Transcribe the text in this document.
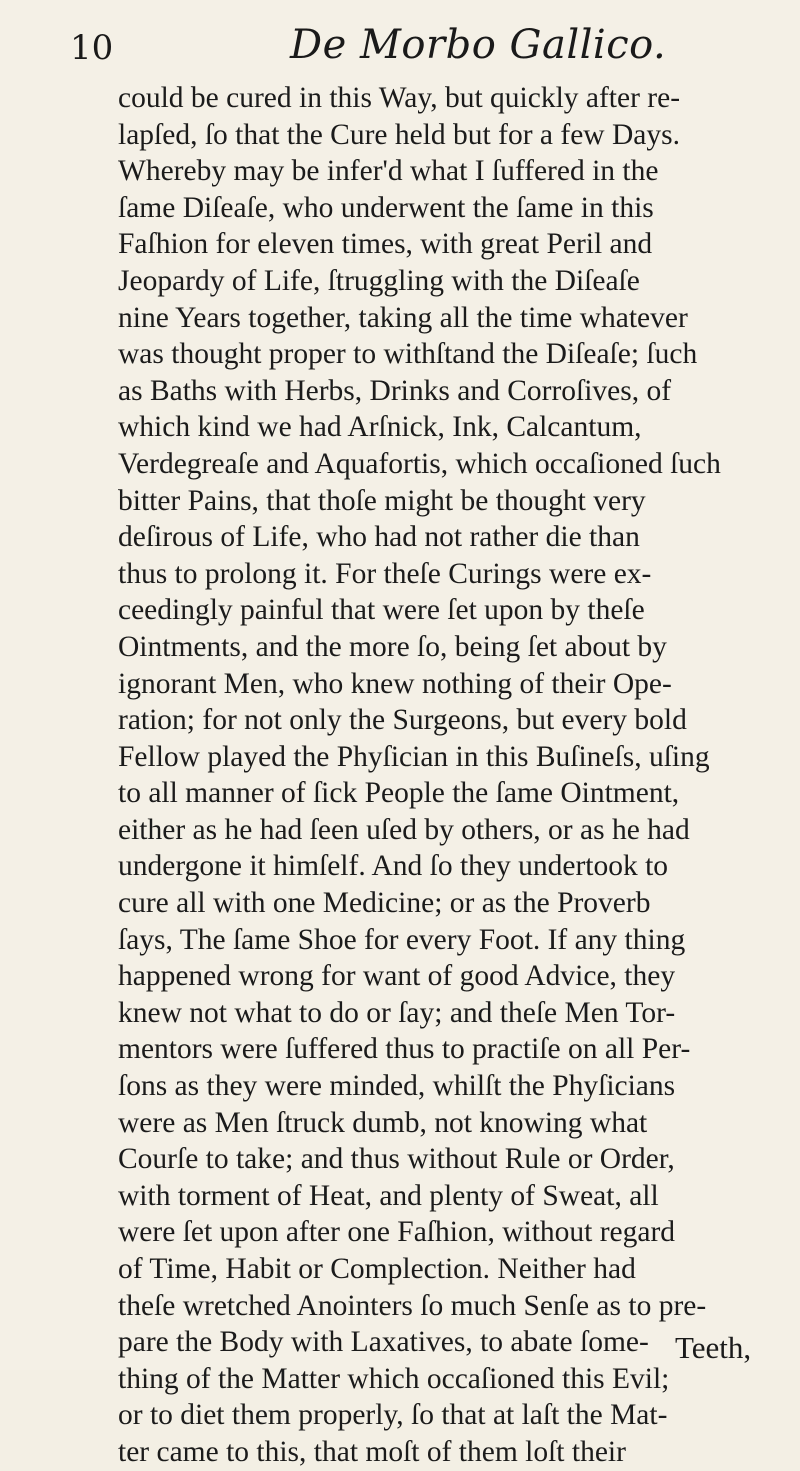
10	De Morbo Gallico.
could be cured in this Way, but quickly after re-
lapſed, ſo that the Cure held but for a few Days.
Whereby may be infer'd what I ſuffered in the
ſame Diſeaſe, who underwent the ſame in this
Faſhion for eleven times, with great Peril and
Jeopardy of Life, ſtruggling with the Diſeaſe
nine Years together, taking all the time whatever
was thought proper to withſtand the Diſeaſe; ſuch
as Baths with Herbs, Drinks and Corroſives, of
which kind we had Arſnick, Ink, Calcantum,
Verdegreaſe and Aquafortis, which occaſioned ſuch
bitter Pains, that thoſe might be thought very
deſirous of Life, who had not rather die than
thus to prolong it. For theſe Curings were ex-
ceedingly painful that were ſet upon by theſe
Ointments, and the more ſo, being ſet about by
ignorant Men, who knew nothing of their Ope-
ration; for not only the Surgeons, but every bold
Fellow played the Phyſician in this Buſineſs, uſing
to all manner of ſick People the ſame Ointment,
either as he had ſeen uſed by others, or as he had
undergone it himſelf. And ſo they undertook to
cure all with one Medicine; or as the Proverb
ſays, The ſame Shoe for every Foot. If any thing
happened wrong for want of good Advice, they
knew not what to do or ſay; and theſe Men Tor-
mentors were ſuffered thus to practiſe on all Per-
ſons as they were minded, whilſt the Phyſicians
were as Men ſtruck dumb, not knowing what
Courſe to take; and thus without Rule or Order,
with torment of Heat, and plenty of Sweat, all
were ſet upon after one Faſhion, without regard
of Time, Habit or Complection. Neither had
theſe wretched Anointers ſo much Senſe as to pre-
pare the Body with Laxatives, to abate ſome-
thing of the Matter which occaſioned this Evil;
or to diet them properly, ſo that at laſt the Mat-
ter came to this, that moſt of them loſt their
Teeth,
